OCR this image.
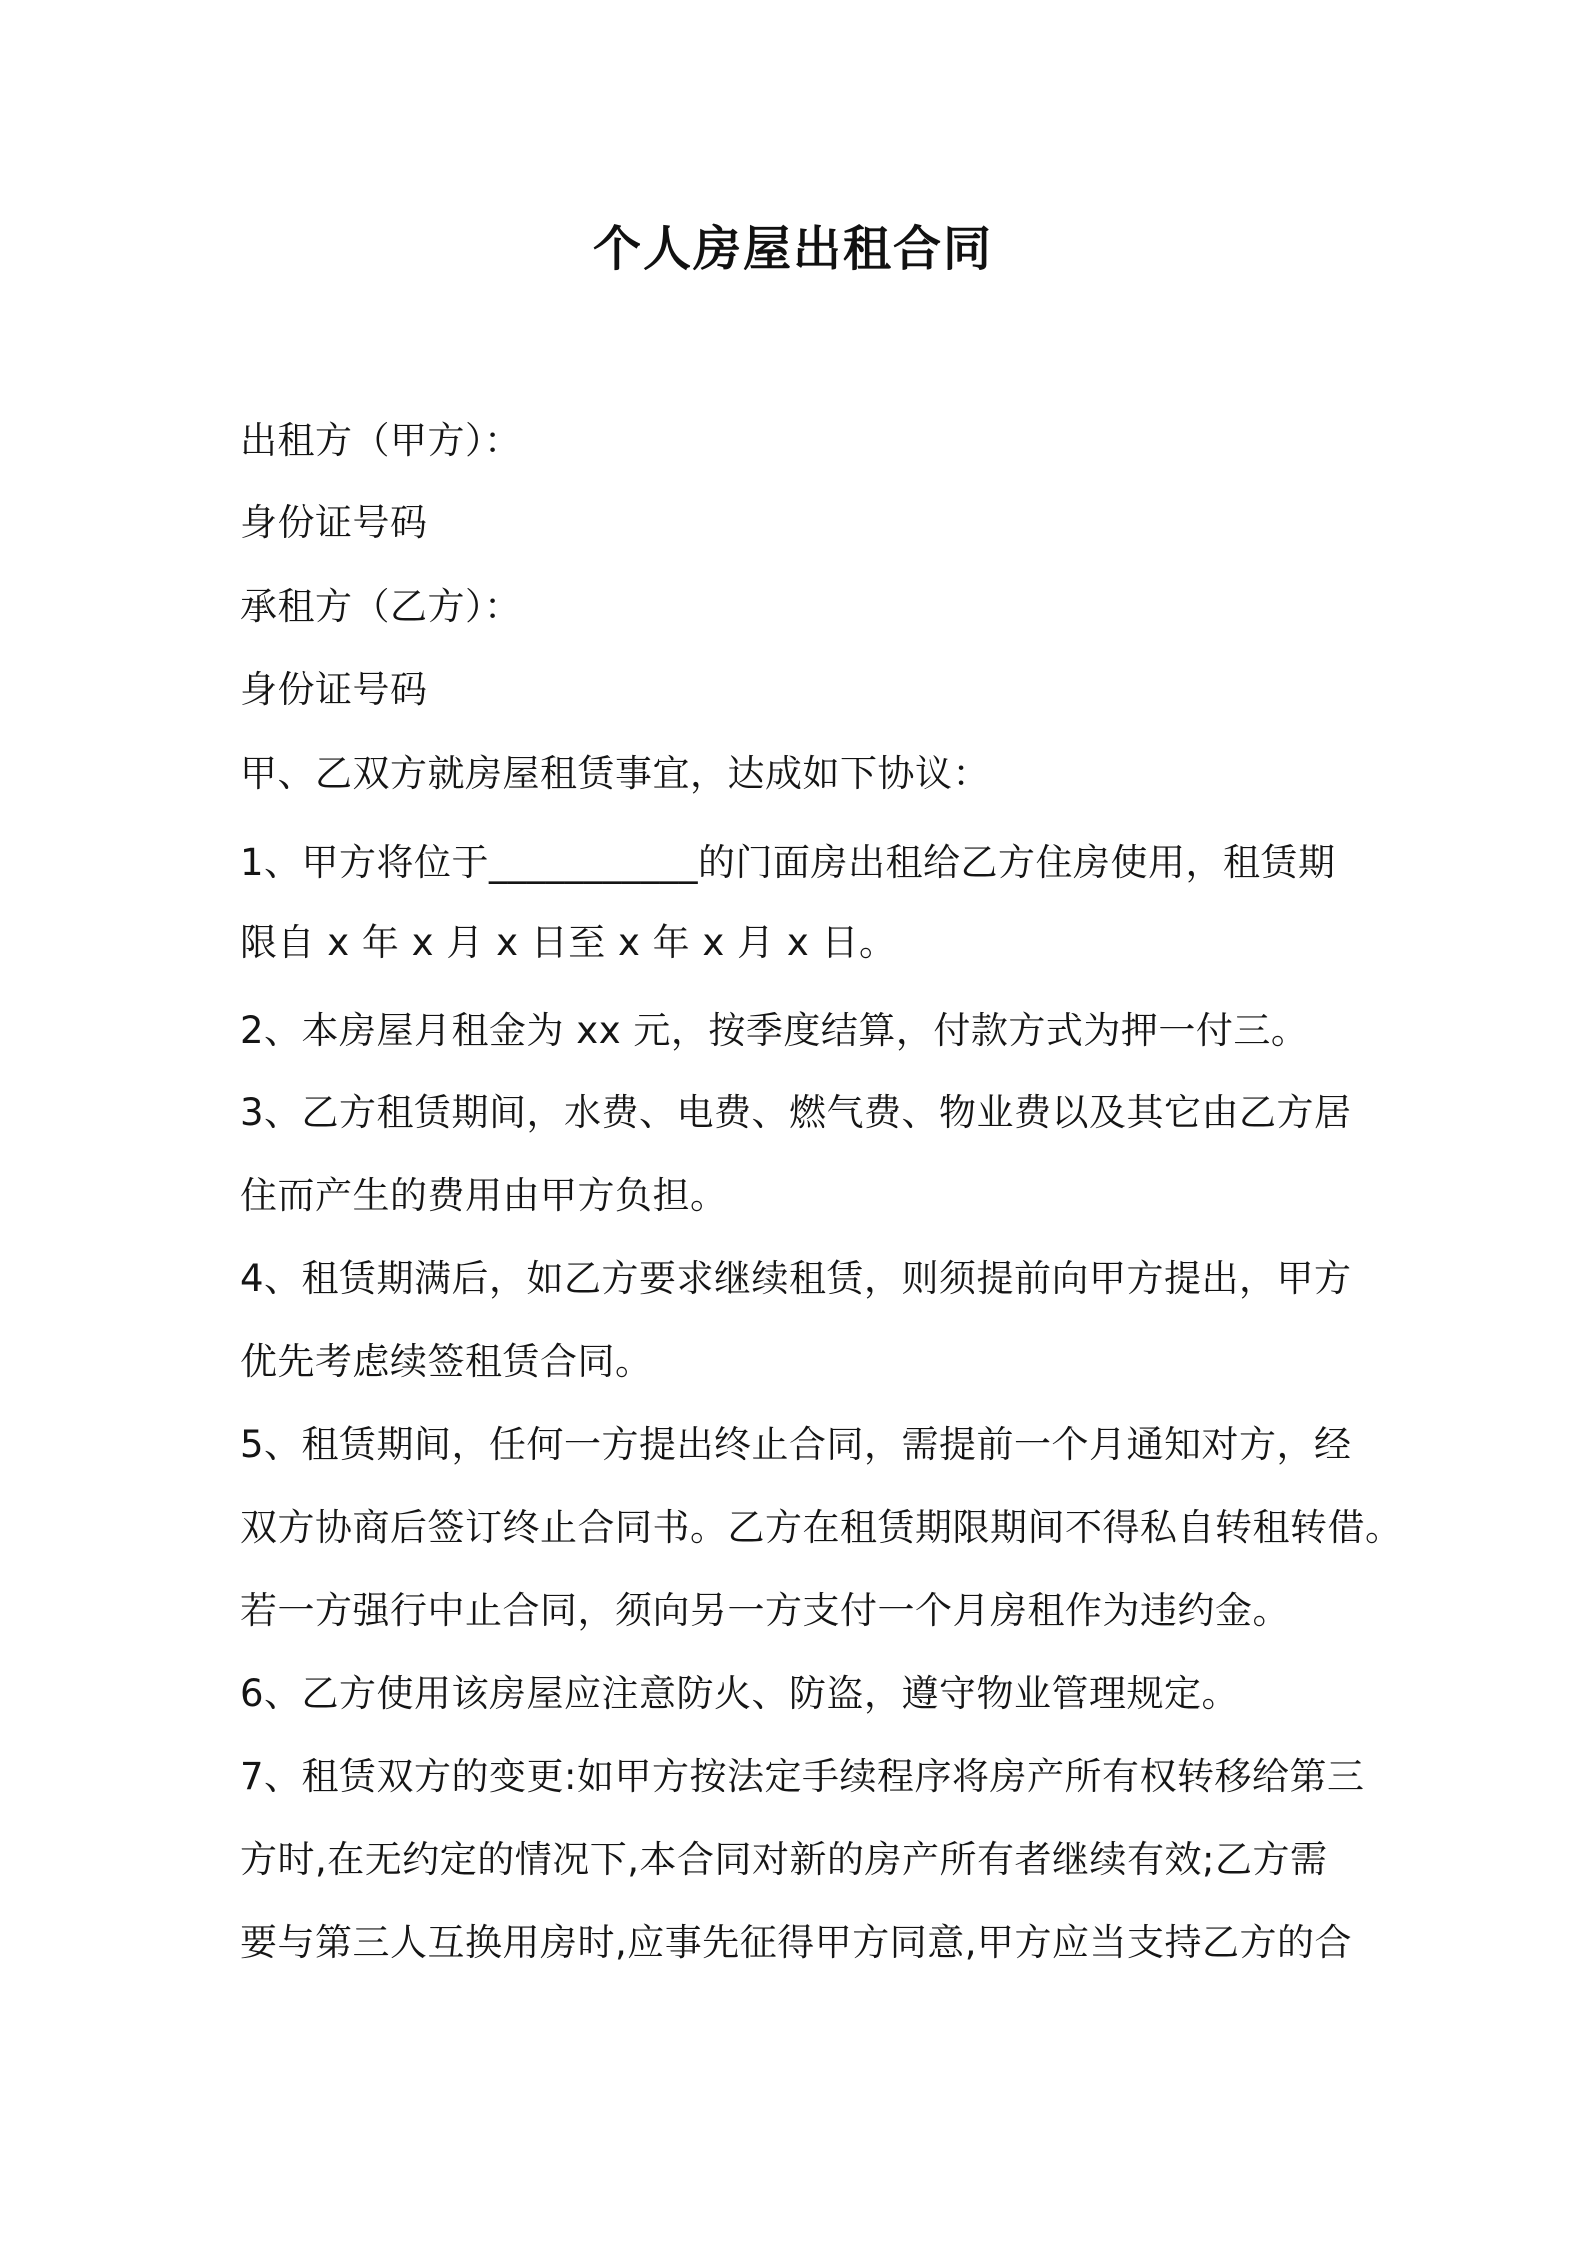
个人房屋出租合同
出租方（甲方）：
身份证号码
承租方（乙方）：
身份证号码
甲、乙双方就房屋租赁事宜，达成如下协议：
1、甲方将位于___________的门面房出租给乙方住房使用，租赁期
限自 x 年 x 月 x 日至 x 年 x 月 x 日。
2、本房屋月租金为 xx 元，按季度结算，付款方式为押一付三。
3、乙方租赁期间，水费、电费、燃气费、物业费以及其它由乙方居
住而产生的费用由甲方负担。
4、租赁期满后，如乙方要求继续租赁，则须提前向甲方提出，甲方
优先考虑续签租赁合同。
5、租赁期间，任何一方提出终止合同，需提前一个月通知对方，经
双方协商后签订终止合同书。乙方在租赁期限期间不得私自转租转借。
若一方强行中止合同，须向另一方支付一个月房租作为违约金。
6、乙方使用该房屋应注意防火、防盗，遵守物业管理规定。
7、租赁双方的变更:如甲方按法定手续程序将房产所有权转移给第三
方时,在无约定的情况下,本合同对新的房产所有者继续有效;乙方需
要与第三人互换用房时,应事先征得甲方同意,甲方应当支持乙方的合
